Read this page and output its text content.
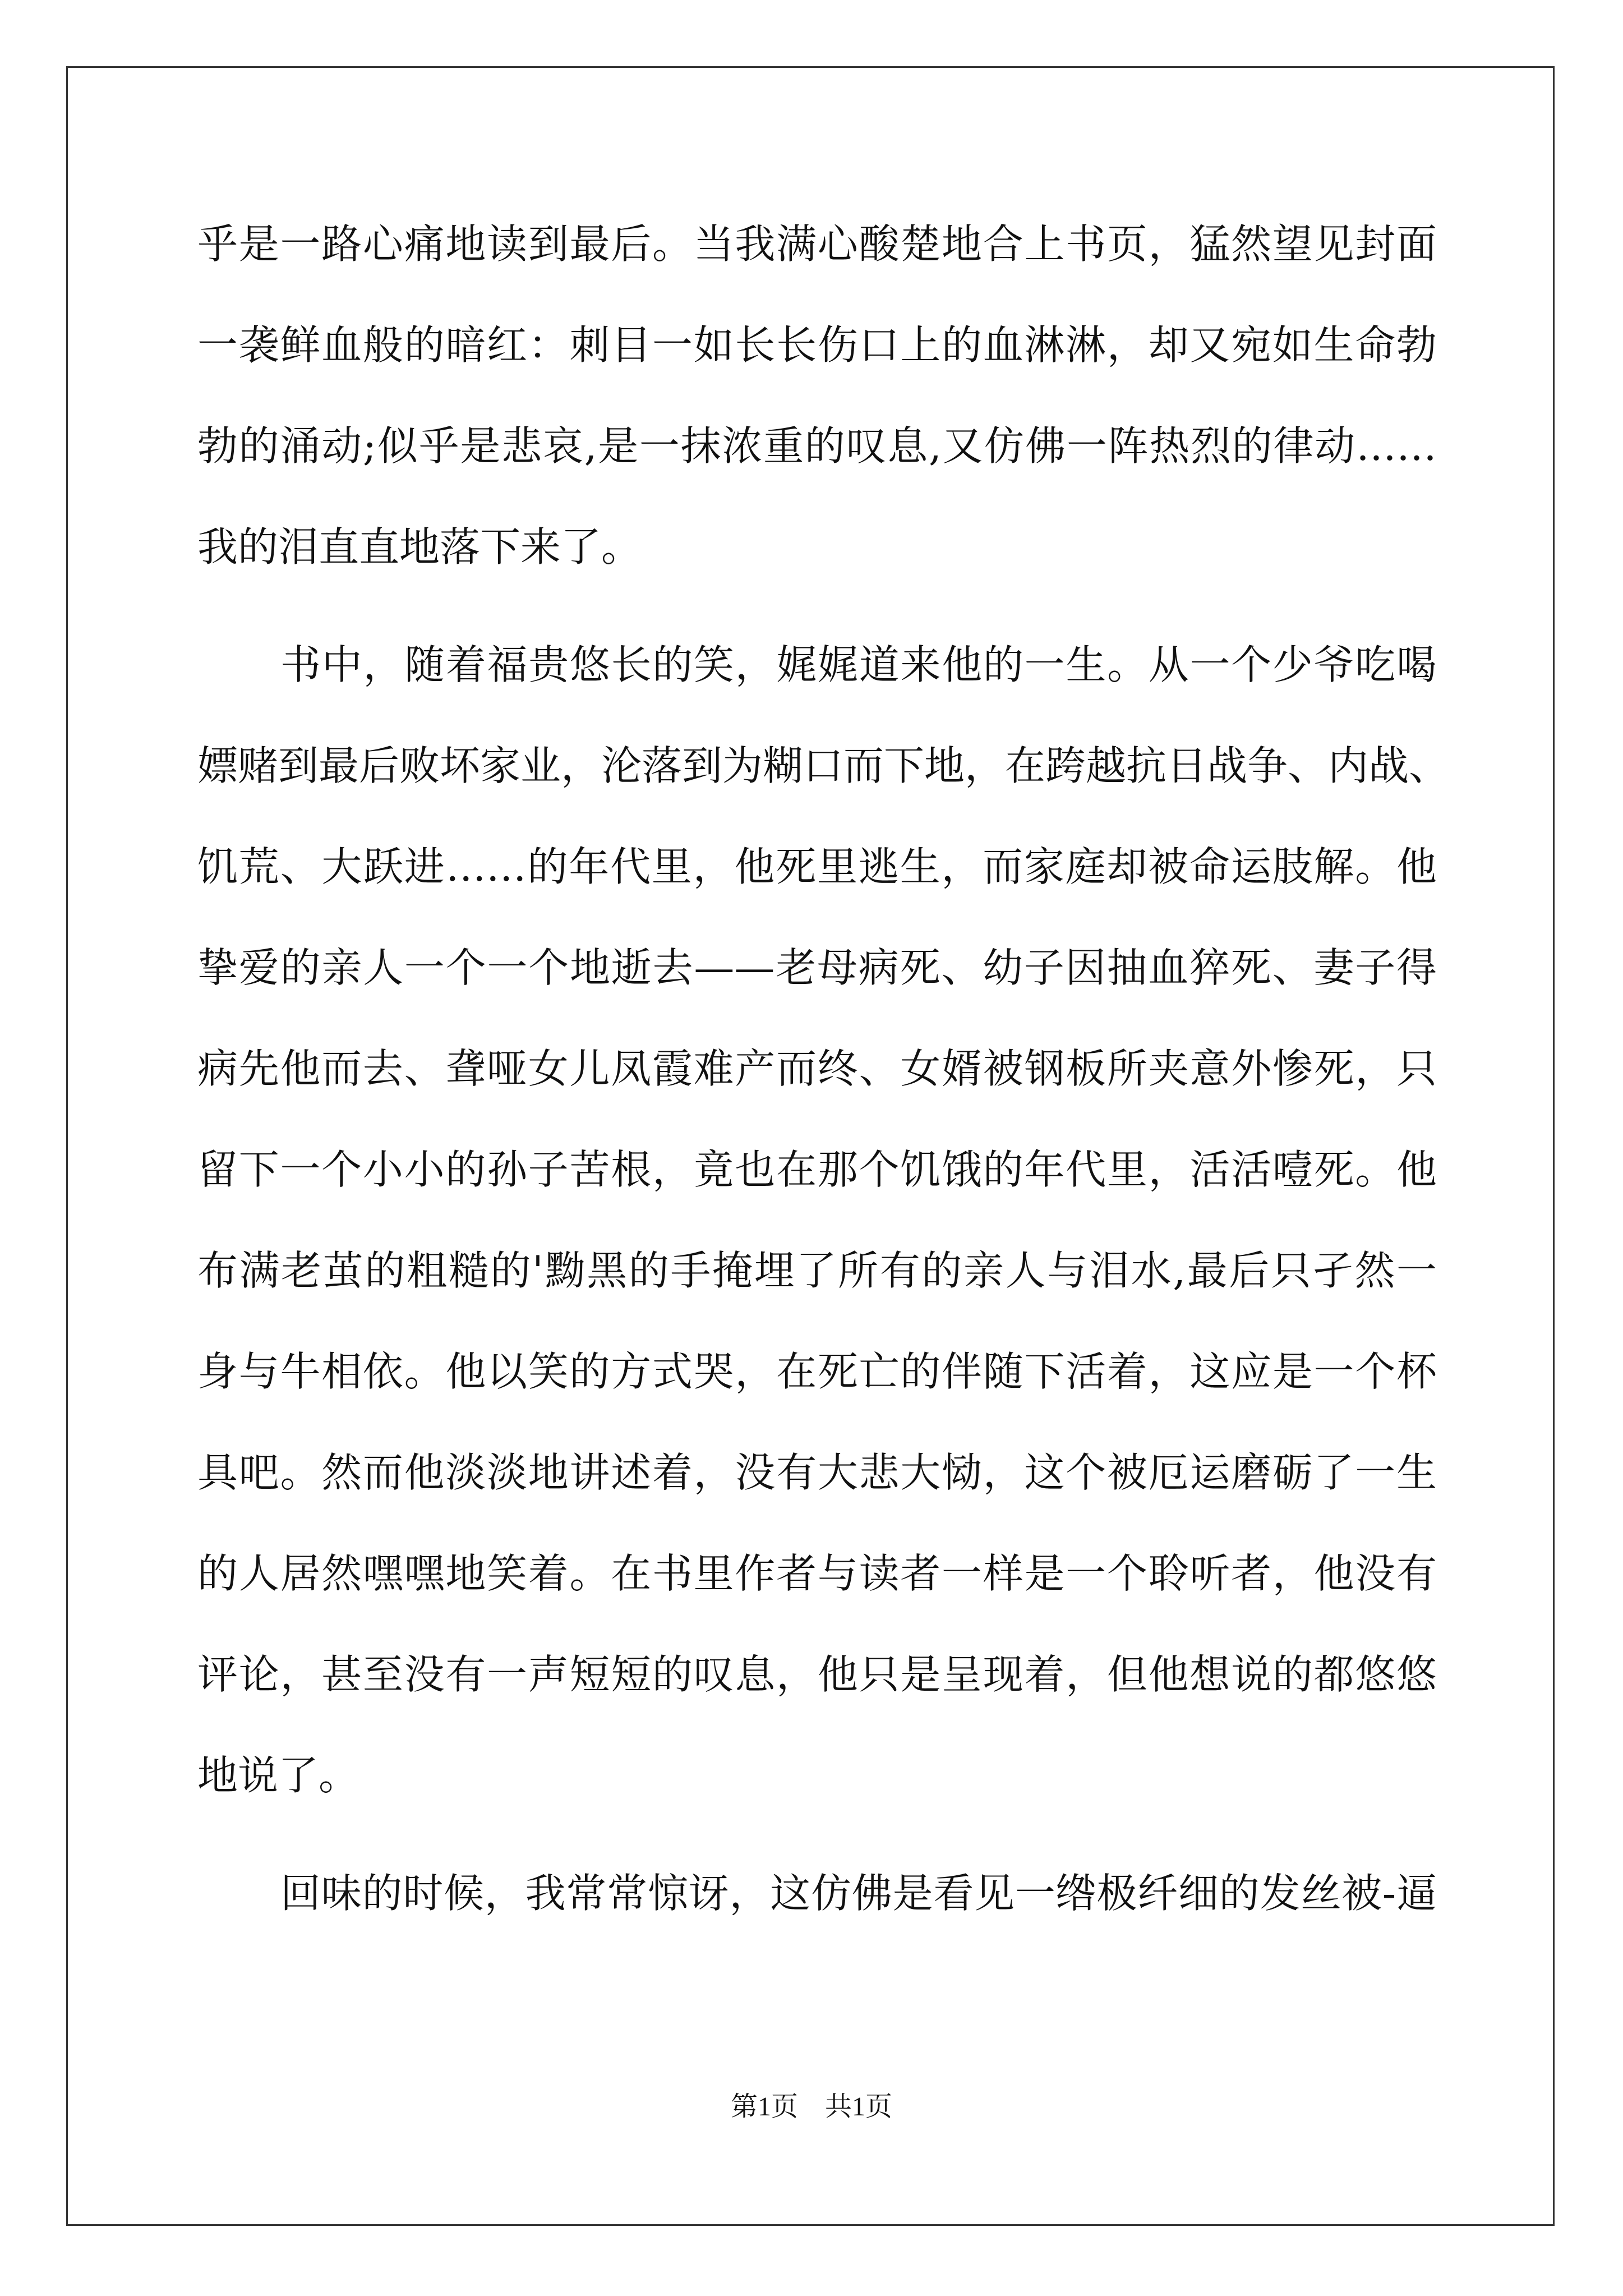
乎是一路心痛地读到最后。当我满心酸楚地合上书页，猛然望见封面
一袭鲜血般的暗红：刺目一如长长伤口上的血淋淋，却又宛如生命勃
勃的涌动;似乎是悲哀,是一抹浓重的叹息,又仿佛一阵热烈的律动……
我的泪直直地落下来了。
书中，随着福贵悠长的笑，娓娓道来他的一生。从一个少爷吃喝
嫖赌到最后败坏家业，沦落到为糊口而下地，在跨越抗日战争、内战、
饥荒、大跃进……的年代里，他死里逃生，而家庭却被命运肢解。他
挚爱的亲人一个一个地逝去——老母病死、幼子因抽血猝死、妻子得
病先他而去、聋哑女儿凤霞难产而终、女婿被钢板所夹意外惨死，只
留下一个小小的孙子苦根，竟也在那个饥饿的年代里，活活噎死。他
布满老茧的粗糙的'黝黑的手掩埋了所有的亲人与泪水,最后只孑然一
身与牛相依。他以笑的方式哭，在死亡的伴随下活着，这应是一个杯
具吧。然而他淡淡地讲述着，没有大悲大恸，这个被厄运磨砺了一生
的人居然嘿嘿地笑着。在书里作者与读者一样是一个聆听者，他没有
评论，甚至没有一声短短的叹息，他只是呈现着，但他想说的都悠悠
地说了。
回味的时候，我常常惊讶，这仿佛是看见一绺极纤细的发丝被-逼
第1页　共1页
